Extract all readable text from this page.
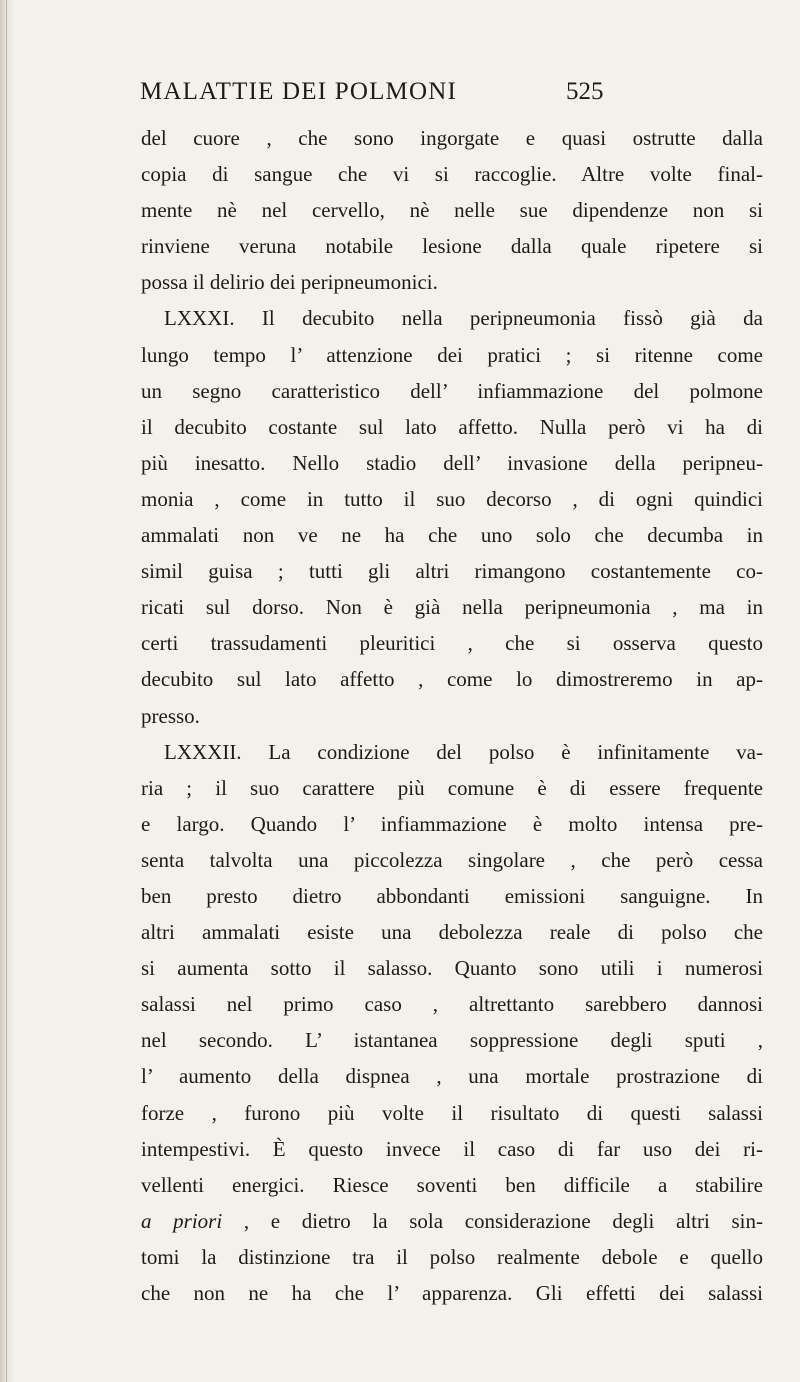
MALATTIE DEI POLMONI	525
del cuore , che sono ingorgate e quasi ostrutte dalla
copia di sangue che vi si raccoglie. Altre volte final-
mente nè nel cervello, nè nelle sue dipendenze non si
rinviene veruna notabile lesione dalla quale ripetere si
possa il delirio dei peripneumonici.
LXXXI. Il decubito nella peripneumonia fissò già da
lungo tempo l’ attenzione dei pratici ; si ritenne come
un segno caratteristico dell’ infiammazione del polmone
il decubito costante sul lato affetto. Nulla però vi ha di
più inesatto. Nello stadio dell’ invasione della peripneu-
monia , come in tutto il suo decorso , di ogni quindici
ammalati non ve ne ha che uno solo che decumba in
simil guisa ; tutti gli altri rimangono costantemente co-
ricati sul dorso. Non è già nella peripneumonia , ma in
certi trassudamenti pleuritici , che si osserva questo
decubito sul lato affetto , come lo dimostreremo in ap-
presso.
LXXXII. La condizione del polso è infinitamente va-
ria ; il suo carattere più comune è di essere frequente
e largo. Quando l’ infiammazione è molto intensa pre-
senta talvolta una piccolezza singolare , che però cessa
ben presto dietro abbondanti emissioni sanguigne. In
altri ammalati esiste una debolezza reale di polso che
si aumenta sotto il salasso. Quanto sono utili i numerosi
salassi nel primo caso , altrettanto sarebbero dannosi
nel secondo. L’ istantanea soppressione degli sputi ,
l’ aumento della dispnea , una mortale prostrazione di
forze , furono più volte il risultato di questi salassi
intempestivi. È questo invece il caso di far uso dei ri-
vellenti energici. Riesce soventi ben difficile a stabilire
a priori , e dietro la sola considerazione degli altri sin-
tomi la distinzione tra il polso realmente debole e quello
che non ne ha che l’ apparenza. Gli effetti dei salassi
